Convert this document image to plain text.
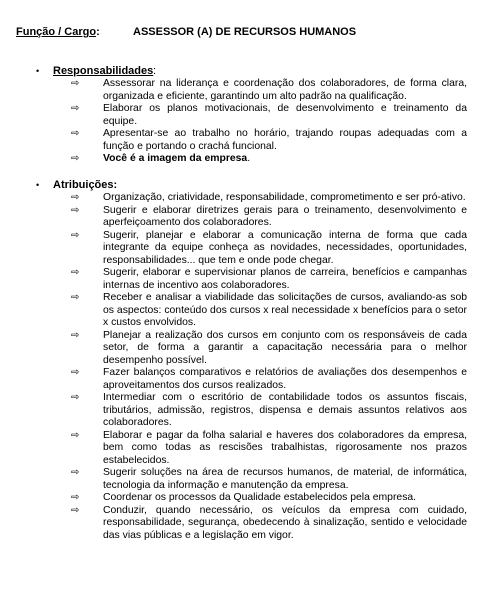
Função / Cargo:	ASSESSOR (A) DE RECURSOS HUMANOS
• Responsabilidades :
⇨ Assessorar na liderança e coordenação dos colaboradores, de forma clara, organizada e eficiente, garantindo um alto padrão na qualificação.
⇨ Elaborar os planos motivacionais, de desenvolvimento e treinamento da equipe.
⇨ Apresentar-se ao trabalho no horário, trajando roupas adequadas com a função e portando o crachá funcional.
⇨ Você é a imagem da empresa.
• Atribuições:
⇨ Organização, criatividade, responsabilidade, comprometimento e ser pró-ativo.
⇨ Sugerir e elaborar diretrizes gerais para o treinamento, desenvolvimento e aperfeiçoamento dos colaboradores.
⇨ Sugerir, planejar e elaborar a comunicação interna de forma que cada integrante da equipe conheça as novidades, necessidades, oportunidades, responsabilidades... que tem e onde pode chegar.
⇨ Sugerir, elaborar e supervisionar planos de carreira, benefícios e campanhas internas de incentivo aos colaboradores.
⇨ Receber e analisar a viabilidade das solicitações de cursos, avaliando-as sob os aspectos: conteúdo dos cursos x real necessidade x benefícios para o setor x custos envolvidos.
⇨ Planejar a realização dos cursos em conjunto com os responsáveis de cada setor, de forma a garantir a capacitação necessária para o melhor desempenho possível.
⇨ Fazer balanços comparativos e relatórios de avaliações dos desempenhos e aproveitamentos dos cursos realizados.
⇨ Intermediar com o escritório de contabilidade todos os assuntos fiscais, tributários, admissão, registros, dispensa e demais assuntos relativos aos colaboradores.
⇨ Elaborar e pagar da folha salarial e haveres dos colaboradores da empresa, bem como todas as rescisões trabalhistas, rigorosamente nos prazos estabelecidos.
⇨ Sugerir soluções na área de recursos humanos, de material, de informática, tecnologia da informação e manutenção da empresa.
⇨ Coordenar os processos da Qualidade estabelecidos pela empresa.
⇨ Conduzir, quando necessário, os veículos da empresa com cuidado, responsabilidade, segurança, obedecendo à sinalização, sentido e velocidade das vias públicas e a legislação em vigor.
